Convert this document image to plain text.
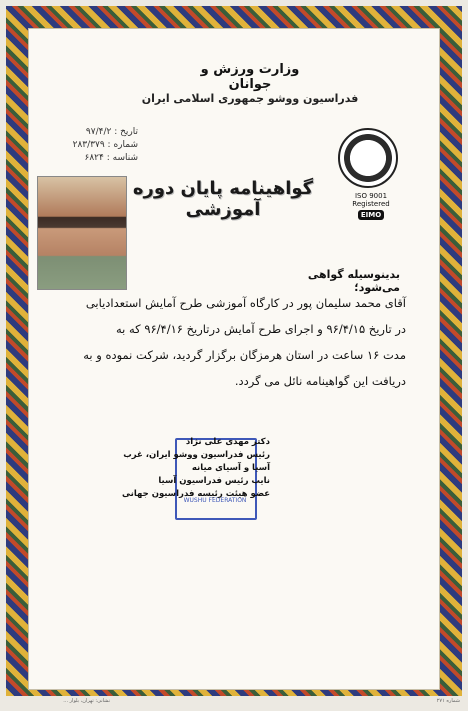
وزارت ورزش و جوانان
فدراسیون ووشو جمهوری اسلامی ایران
تاریخ : ۹۷/۴/۲
شماره : ۲۸۳/۳۷۹
شناسه : ۶۸۲۴
ISO 9001
Registered
EIMO
گواهینامه پایان دوره آموزشی
بدینوسیله گواهی می‌شود؛
آقای محمد سلیمان پور در کارگاه آموزشی طرح آمایش استعدادیابی
در تاریخ ۹۶/۴/۱۵ و اجرای طرح آمایش درتاریخ ۹۶/۴/۱۶ که به
مدت ۱۶ ساعت در استان هرمزگان برگزار گردید، شرکت نموده و به
دریافت این گواهینامه نائل می گردد.
WUSHU FEDERATION
دکتر مهدی علی نژاد
رئیس فدراسیون ووشو ایران، غرب آسیا و آسیای میانه
نایب رئیس فدراسیون آسیا
عضو هیئت رئیسه فدراسیون جهانی
نشانی: تهران، بلوار ...	شماره ۲۷۱
